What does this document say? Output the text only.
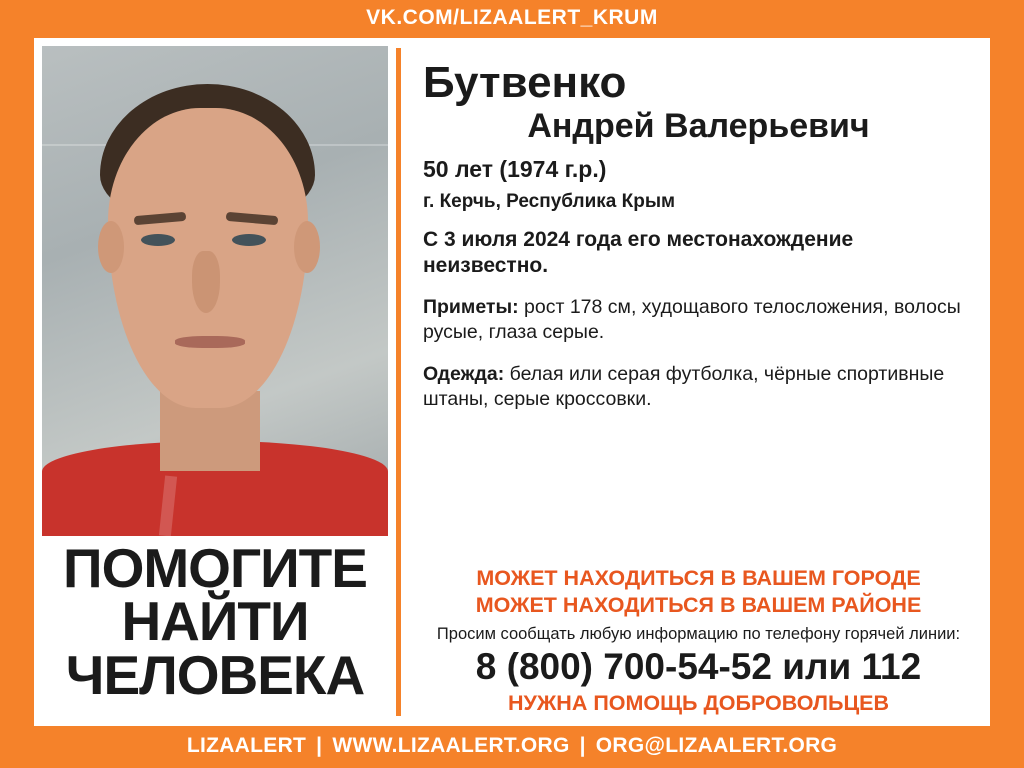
VK.COM/LIZAALERT_KRUM
ПОМОГИТЕ
НАЙТИ
ЧЕЛОВЕКА
Бутвенко
Андрей Валерьевич
50 лет (1974 г.р.)
г. Керчь, Республика Крым
С 3 июля 2024 года его местонахождение неизвестно.
Приметы: рост 178 см, худощавого телосложения, волосы русые, глаза серые.
Одежда: белая или серая футболка, чёрные спортивные штаны, серые кроссовки.
МОЖЕТ НАХОДИТЬСЯ В ВАШЕМ ГОРОДЕ
МОЖЕТ НАХОДИТЬСЯ В ВАШЕМ РАЙОНЕ
Просим сообщать любую информацию по телефону горячей линии:
8 (800) 700-54-52 или 112
НУЖНА ПОМОЩЬ ДОБРОВОЛЬЦЕВ
LIZAALERT | WWW.LIZAALERT.ORG | ORG@LIZAALERT.ORG
